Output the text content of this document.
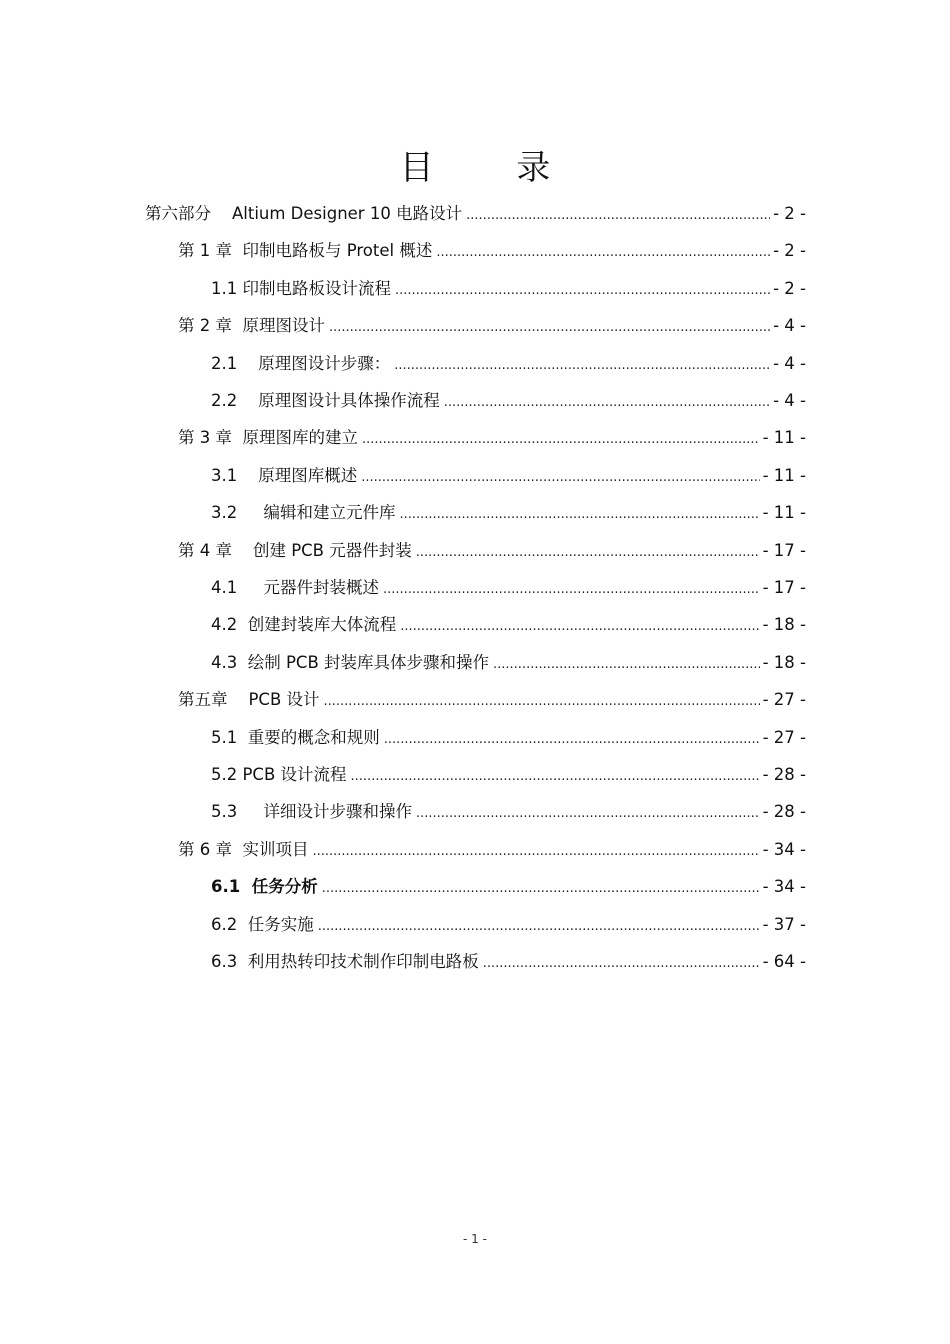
目 录
第六部分    Altium Designer 10 电路设计 .....	- 2 -
第 1 章  印制电路板与 Protel 概述 .....	- 2 -
1.1 印制电路板设计流程 .....	- 2 -
第 2 章  原理图设计 .....	- 4 -
2.1    原理图设计步骤： .....	- 4 -
2.2    原理图设计具体操作流程 .....	- 4 -
第 3 章  原理图库的建立 .....	- 11 -
3.1    原理图库概述 .....	- 11 -
3.2     编辑和建立元件库 .....	- 11 -
第 4 章    创建 PCB 元器件封装 .....	- 17 -
4.1     元器件封装概述 .....	- 17 -
4.2  创建封装库大体流程 .....	- 18 -
4.3  绘制 PCB 封装库具体步骤和操作 .....	- 18 -
第五章    PCB 设计 .....	- 27 -
5.1  重要的概念和规则 .....	- 27 -
5.2 PCB 设计流程 .....	- 28 -
5.3     详细设计步骤和操作 .....	- 28 -
第 6 章  实训项目 .....	- 34 -
6.1  任务分析 .....	- 34 -
6.2  任务实施 .....	- 37 -
6.3  利用热转印技术制作印制电路板 .....	- 64 -
- 1 -
